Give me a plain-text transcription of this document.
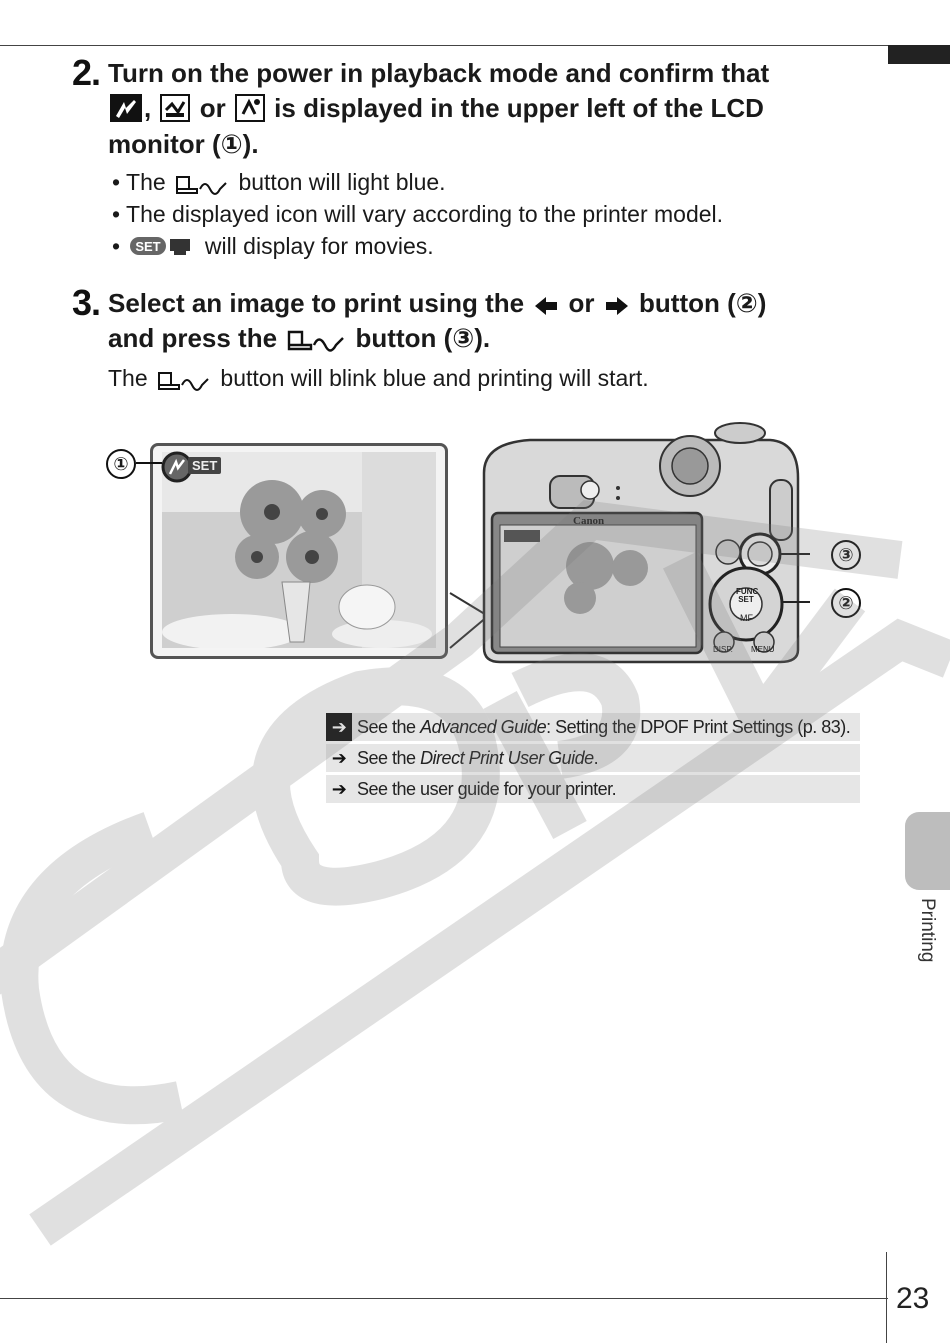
23
Printing
2. Turn on the power in playback mode and confirm that
, or is displayed in the upper left of the LCD
monitor (①).
• The	button will light blue.
• The displayed icon will vary according to the printer model.
• SET will display for movies.
3. Select an image to print using the or button (②)
and press the	button (③).
The	button will blink blue and printing will start.
SET
①
Canon
FUNC SET
MF
DISP. MENU
③
②
➔ See the Advanced Guide: Setting the DPOF Print Settings (p. 83).
➔ See the Direct Print User Guide.
➔ See the user guide for your printer.
